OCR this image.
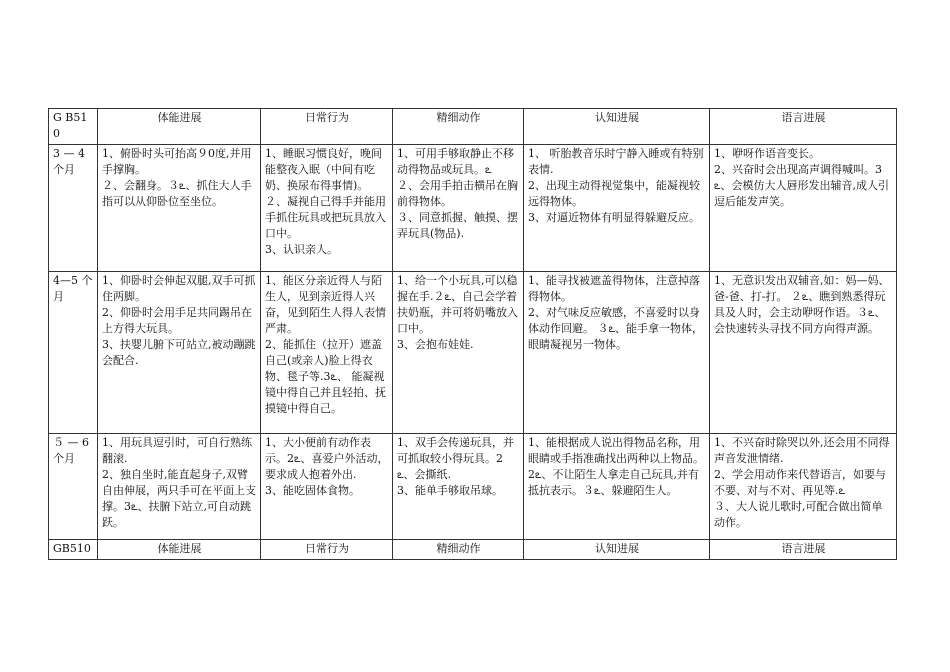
G B510	体能进展	日常行为	精细动作	认知进展	语言进展
3 — 4 个月	1、俯卧时头可抬高９0度,并用手撑胸。
２、会翻身。３ఽ、抓住大人手指可以从仰卧位至坐位。	1、睡眠习惯良好，晚间能整夜入眠（中间有吃奶、换尿布得事情)。
２、凝视自己得手并能用手抓住玩具或把玩具放入口中。
3、认识亲人。	1、可用手够取静止不移动得物品或玩具。ఽ
２、会用手拍击横吊在胸前得物体。
３、同意抓握、触摸、摆弄玩具(物品).	1、 听胎教音乐时宁静入睡或有特别表情.
2、出现主动得视觉集中，能凝视较远得物体。
3、对逼近物体有明显得躲避反应。	1、咿呀作语音变长。
2、兴奋时会出现高声调得喊叫。3ఽ、会模仿大人唇形发出辅音,成人引逗后能发声笑。

4—5 个月	1、仰卧时会伸起双腿,双手可抓住两脚。
2、仰卧时会用手足共同踢吊在上方得大玩具。
3、扶婴儿腑下可站立,被动蹦跳会配合.	1、能区分亲近得人与陌生人，见到亲近得人兴奋，见到陌生人得人表情严肃。
2、能抓住（拉开）遮盖自己(或亲人)脸上得衣物、毯子等.3ఽ、 能凝视镜中得自己并且轻拍、抚摸镜中得自己。	1、给一个小玩具,可以稳握在手.２ఽ、自己会学着扶奶瓶，并可将奶嘴放入口中。
3、会抱布娃娃.	1、能寻找被遮盖得物体，注意掉落得物体。
2、对气味反应敏感，不喜爱时以身体动作回避。 ３ఽ、能手拿一物体，眼睛凝视另一物体。	1、无意识发出双辅音,如：妈—妈、爸-爸、打-打。 ２ఽ、瞧到熟悉得玩具及人时，会主动咿呀作语。３ఽ、会快速转头寻找不同方向得声源。

５ — 6 个月	1、用玩具逗引时，可自行熟练翻滚.
2、独自坐时,能直起身子,双臂自由伸展，两只手可在平面上支撑。3ఽ、扶腑下站立,可自动跳跃。	1、大小便前有动作表示。2ఽ、喜爱户外活动，要求成人抱着外出.
3、能吃固体食物。	1、双手会传递玩具，并可抓取较小得玩具。2ఽ、会撕纸.
3、能单手够取吊球。	1、能根据成人说出得物品名称，用眼睛或手指准确找出两种以上物品。2ఽ、不让陌生人拿走自己玩具,并有抵抗表示。３ఽ、躲避陌生人。	1、不兴奋时除哭以外,还会用不同得声音发泄情绪.
2、学会用动作来代替语言，如要与不要、对与不对、再见等.ఽ
３、大人说儿歌时,可配合做出简单动作。

GB510	体能进展	日常行为	精细动作	认知进展	语言进展
